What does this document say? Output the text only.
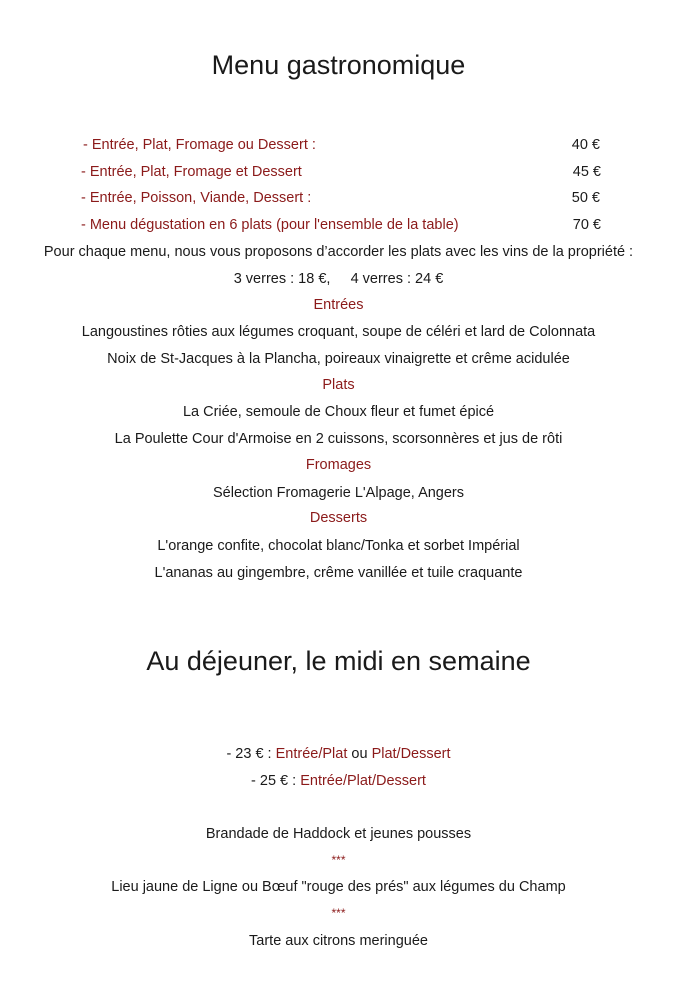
Menu gastronomique
- Entrée, Plat, Fromage ou Dessert :	40 €
- Entrée, Plat, Fromage et Dessert	45 €
- Entrée, Poisson, Viande, Dessert :	50 €
- Menu dégustation en 6 plats (pour l'ensemble de la table)	70 €
Pour chaque menu, nous vous proposons d’accorder les plats avec les vins de la propriété :
3 verres : 18 €,     4 verres : 24 €
Entrées
Langoustines rôties aux légumes croquant, soupe de céléri et lard de Colonnata
Noix de St-Jacques à la Plancha, poireaux vinaigrette et crême acidulée
Plats
La Criée, semoule de Choux fleur et fumet épicé
La Poulette Cour d'Armoise en 2 cuissons, scorsonnères et jus de rôti
Fromages
Sélection Fromagerie L'Alpage, Angers
Desserts
L'orange confite, chocolat blanc/Tonka et sorbet Impérial
L'ananas au gingembre, crême vanillée et tuile craquante
Au déjeuner, le midi en semaine
- 23 € : Entrée/Plat ou Plat/Dessert
- 25 € : Entrée/Plat/Dessert
Brandade de Haddock et jeunes pousses
***
Lieu jaune de Ligne ou Bœuf "rouge des prés" aux légumes du Champ
***
Tarte aux citrons meringuée
